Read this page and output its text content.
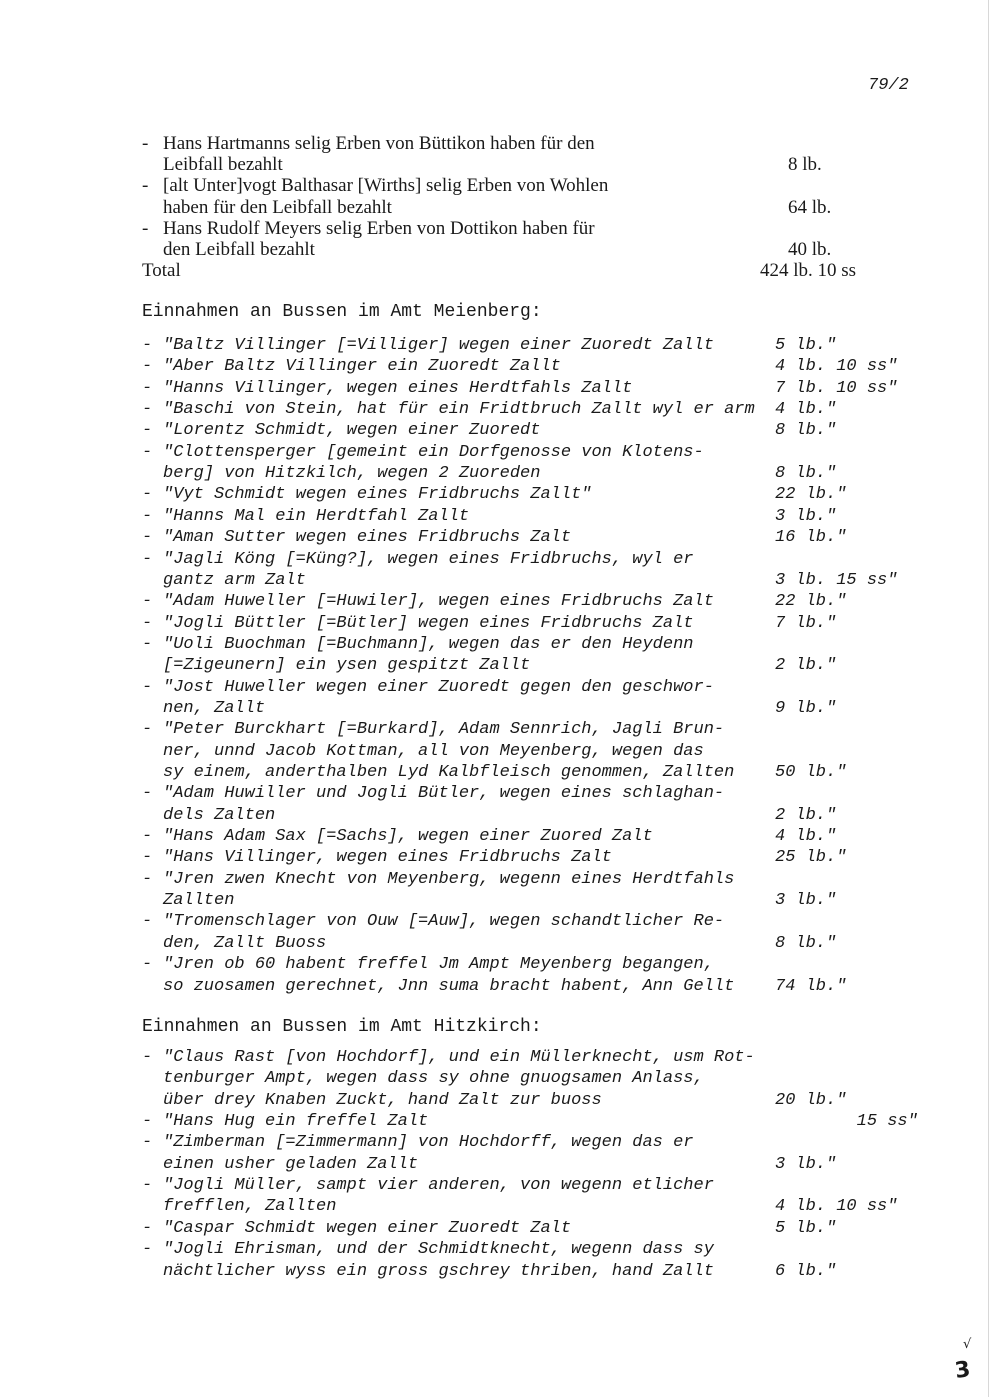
79/2
- Hans Hartmanns selig Erben von Büttikon haben für den
Leibfall bezahlt	8 lb.
- [alt Unter]vogt Balthasar [Wirths] selig Erben von Wohlen
haben für den Leibfall bezahlt	64 lb.
- Hans Rudolf Meyers selig Erben von Dottikon haben für
den Leibfall bezahlt	40 lb.
Total	424 lb. 10 ss
Einnahmen an Bussen im Amt Meienberg:
- "Baltz Villinger [=Villiger] wegen einer Zuoredt Zallt	5 lb."
- "Aber Baltz Villinger ein Zuoredt Zallt	4 lb. 10 ss"
- "Hanns Villinger, wegen eines Herdtfahls Zallt	7 lb. 10 ss"
- "Baschi von Stein, hat für ein Fridtbruch Zallt wyl er arm 4 lb."
- "Lorentz Schmidt, wegen einer Zuoredt	8 lb."
- "Clottensperger [gemeint ein Dorfgenosse von Klotens-
berg] von Hitzkilch, wegen 2 Zuoreden	8 lb."
- "Vyt Schmidt wegen eines Fridbruchs Zallt"	22 lb."
- "Hanns Mal ein Herdtfahl Zallt	3 lb."
- "Aman Sutter wegen eines Fridbruchs Zalt	16 lb."
- "Jagli Köng [=Küng?], wegen eines Fridbruchs, wyl er
gantz arm Zalt	3 lb. 15 ss"
- "Adam Huweller [=Huwiler], wegen eines Fridbruchs Zalt	22 lb."
- "Jogli Büttler [=Bütler] wegen eines Fridbruchs Zalt	7 lb."
- "Uoli Buochman [=Buchmann], wegen das er den Heydenn
[=Zigeunern] ein ysen gespitzt Zallt	2 lb."
- "Jost Huweller wegen einer Zuoredt gegen den geschwor-
nen, Zallt	9 lb."
- "Peter Burckhart [=Burkard], Adam Sennrich, Jagli Brun-
ner, unnd Jacob Kottman, all von Meyenberg, wegen das
sy einem, anderthalben Lyd Kalbfleisch genommen, Zallten 50 lb."
- "Adam Huwiller und Jogli Bütler, wegen eines schlaghan-
dels Zalten	2 lb."
- "Hans Adam Sax [=Sachs], wegen einer Zuored Zalt	4 lb."
- "Hans Villinger, wegen eines Fridbruchs Zalt	25 lb."
- "Jren zwen Knecht von Meyenberg, wegenn eines Herdtfahls
Zallten	3 lb."
- "Tromenschlager von Ouw [=Auw], wegen schandtlicher Re-
den, Zallt Buoss	8 lb."
- "Jren ob 60 habent freffel Jm Ampt Meyenberg begangen,
so zuosamen gerechnet, Jnn suma bracht habent, Ann Gellt 74 lb."
Einnahmen an Bussen im Amt Hitzkirch:
- "Claus Rast [von Hochdorf], und ein Müllerknecht, usm Rot-
tenburger Ampt, wegen dass sy ohne gnuogsamen Anlass,
über drey Knaben Zuckt, hand Zalt zur buoss	20 lb."
- "Hans Hug ein freffel Zalt	15 ss"
- "Zimberman [=Zimmermann] von Hochdorff, wegen das er
einen usher geladen Zallt	3 lb."
- "Jogli Müller, sampt vier anderen, von wegenn etlicher
frefflen, Zallten	4 lb. 10 ss"
- "Caspar Schmidt wegen einer Zuoredt Zalt	5 lb."
- "Jogli Ehrisman, und der Schmidtknecht, wegenn dass sy
nächtlicher wyss ein gross gschrey thriben, hand Zallt	6 lb."
√
3
